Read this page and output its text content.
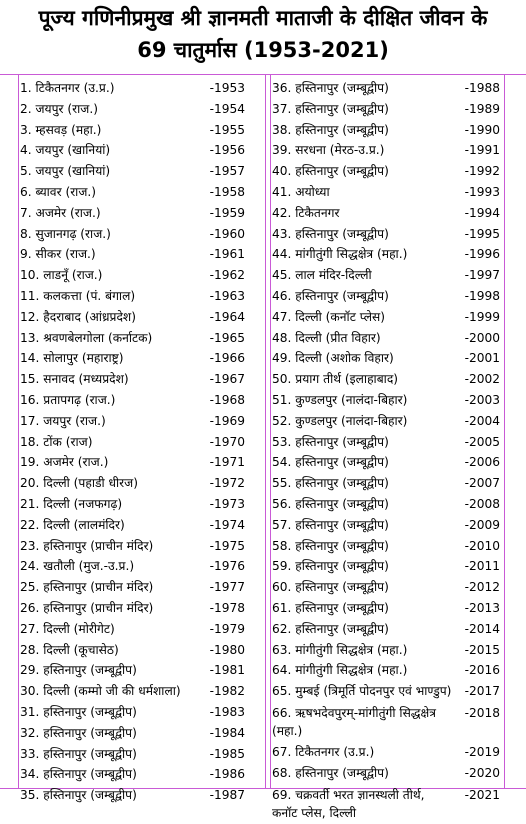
पूज्य गणिनीप्रमुख श्री ज्ञानमती माताजी के दीक्षित जीवन के
69 चातुर्मास (1953-2021)
1. टिकैतनगर (उ.प्र.)	-1953
2. जयपुर (राज.)	-1954
3. म्हसवड़ (महा.)	-1955
4. जयपुर (खानियां)	-1956
5. जयपुर (खानियां)	-1957
6. ब्यावर (राज.)	-1958
7. अजमेर (राज.)	-1959
8. सुजानगढ़ (राज.)	-1960
9. सीकर (राज.)	-1961
10. लाडनूँ (राज.)	-1962
11. कलकत्ता (पं. बंगाल)	-1963
12. हैदराबाद (आंध्रप्रदेश)	-1964
13. श्रवणबेलगोला (कर्नाटक)	-1965
14. सोलापुर (महाराष्ट्र)	-1966
15. सनावद (मध्यप्रदेश)	-1967
16. प्रतापगढ़ (राज.)	-1968
17. जयपुर (राज.)	-1969
18. टोंक (राज)	-1970
19. अजमेर (राज.)	-1971
20. दिल्ली (पहाडी धीरज)	-1972
21. दिल्ली (नजफगढ़)	-1973
22. दिल्ली (लालमंदिर)	-1974
23. हस्तिनापुर (प्राचीन मंदिर)	-1975
24. खतौली (मुज.-उ.प्र.)	-1976
25. हस्तिनापुर (प्राचीन मंदिर)	-1977
26. हस्तिनापुर (प्राचीन मंदिर)	-1978
27. दिल्ली (मोरीगेट)	-1979
28. दिल्ली (कूचासेठ)	-1980
29. हस्तिनापुर (जम्बूद्वीप)	-1981
30. दिल्ली (कम्मो जी की धर्मशाला) -1982
31. हस्तिनापुर (जम्बूद्वीप)	-1983
32. हस्तिनापुर (जम्बूद्वीप)	-1984
33. हस्तिनापुर (जम्बूद्वीप)	-1985
34. हस्तिनापुर (जम्बूद्वीप)	-1986
35. हस्तिनापुर (जम्बूद्वीप)	-1987
36. हस्तिनापुर (जम्बूद्वीप)	-1988
37. हस्तिनापुर (जम्बूद्वीप)	-1989
38. हस्तिनापुर (जम्बूद्वीप)	-1990
39. सरधना (मेरठ-उ.प्र.)	-1991
40. हस्तिनापुर (जम्बूद्वीप)	-1992
41. अयोध्या	-1993
42. टिकैतनगर	-1994
43. हस्तिनापुर (जम्बूद्वीप)	-1995
44. मांगीतुंगी सिद्धक्षेत्र (महा.)	-1996
45. लाल मंदिर-दिल्ली	-1997
46. हस्तिनापुर (जम्बूद्वीप)	-1998
47. दिल्ली (कनॉट प्लेस)	-1999
48. दिल्ली (प्रीत विहार)	-2000
49. दिल्ली (अशोक विहार)	-2001
50. प्रयाग तीर्थ (इलाहाबाद)	-2002
51. कुण्डलपुर (नालंदा-बिहार)	-2003
52. कुण्डलपुर (नालंदा-बिहार)	-2004
53. हस्तिनापुर (जम्बूद्वीप)	-2005
54. हस्तिनापुर (जम्बूद्वीप)	-2006
55. हस्तिनापुर (जम्बूद्वीप)	-2007
56. हस्तिनापुर (जम्बूद्वीप)	-2008
57. हस्तिनापुर (जम्बूद्वीप)	-2009
58. हस्तिनापुर (जम्बूद्वीप)	-2010
59. हस्तिनापुर (जम्बूद्वीप)	-2011
60. हस्तिनापुर (जम्बूद्वीप)	-2012
61. हस्तिनापुर (जम्बूद्वीप)	-2013
62. हस्तिनापुर (जम्बूद्वीप)	-2014
63. मांगीतुंगी सिद्धक्षेत्र (महा.)	-2015
64. मांगीतुंगी सिद्धक्षेत्र (महा.)	-2016
65. मुम्बई (त्रिमूर्ति पोदनपुर एवं भाण्डुप) -2017
66. ऋषभदेवपुरम्-मांगीतुंगी सिद्धक्षेत्र (महा.)
-2018
67. टिकैतनगर (उ.प्र.)	-2019
68. हस्तिनापुर (जम्बूद्वीप)	-2020
69. चक्रवर्ती भरत ज्ञानस्थली तीर्थ, कनॉट प्लेस, दिल्ली
-2021
